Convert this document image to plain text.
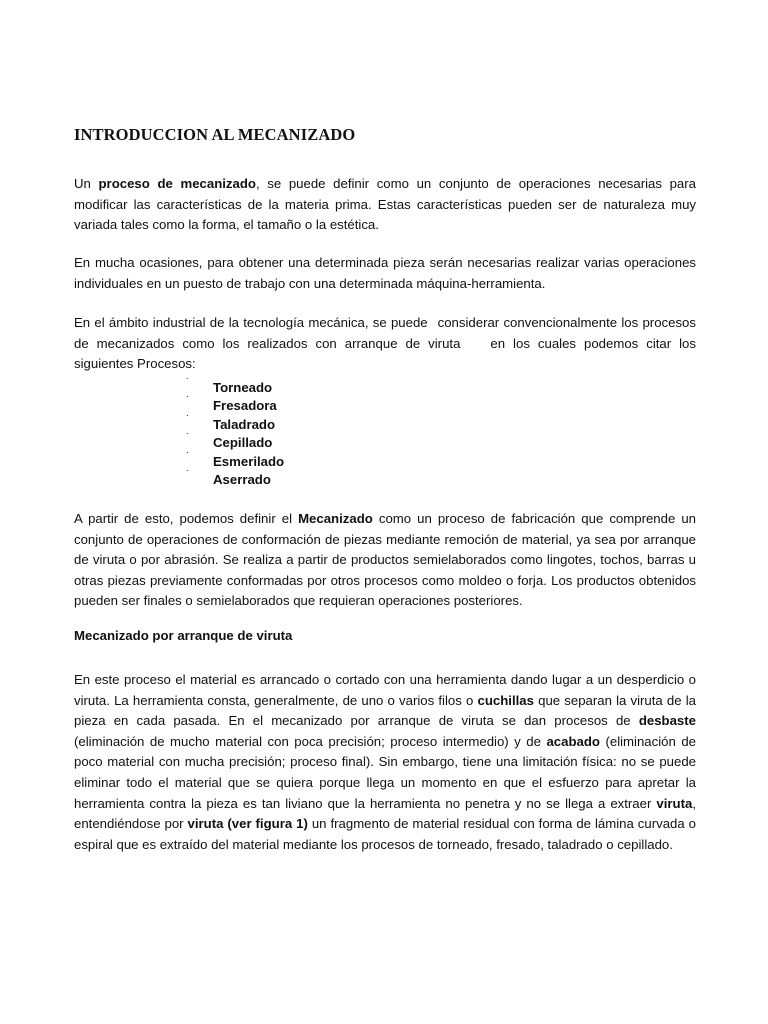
INTRODUCCION AL MECANIZADO

Un proceso de mecanizado, se puede definir como un conjunto de operaciones necesarias para modificar las características de la materia prima. Estas características pueden ser de naturaleza muy variada tales como la forma, el tamaño o la estética.

En mucha ocasiones, para obtener una determinada pieza serán necesarias realizar varias operaciones individuales en un puesto de trabajo con una determinada máquina-herramienta.

En el ámbito industrial de la tecnología mecánica, se puede considerar convencionalmente los procesos de mecanizados como los realizados con arranque de viruta en los cuales podemos citar los siguientes Procesos:

˙ Torneado
˙ Fresadora
˙ Taladrado
˙ Cepillado
˙ Esmerilado
˙ Aserrado

A partir de esto, podemos definir el Mecanizado como un proceso de fabricación que comprende un conjunto de operaciones de conformación de piezas mediante remoción de material, ya sea por arranque de viruta o por abrasión. Se realiza a partir de productos semielaborados como lingotes, tochos, barras u otras piezas previamente conformadas por otros procesos como moldeo o forja. Los productos obtenidos pueden ser finales o semielaborados que requieran operaciones posteriores.

Mecanizado por arranque de viruta

En este proceso el material es arrancado o cortado con una herramienta dando lugar a un desperdicio o viruta. La herramienta consta, generalmente, de uno o varios filos o cuchillas que separan la viruta de la pieza en cada pasada. En el mecanizado por arranque de viruta se dan procesos de desbaste (eliminación de mucho material con poca precisión; proceso intermedio) y de acabado (eliminación de poco material con mucha precisión; proceso final). Sin embargo, tiene una limitación física: no se puede eliminar todo el material que se quiera porque llega un momento en que el esfuerzo para apretar la herramienta contra la pieza es tan liviano que la herramienta no penetra y no se llega a extraer viruta, entendiéndose por viruta (ver figura 1) un fragmento de material residual con forma de lámina curvada o espiral que es extraído del material mediante los procesos de torneado, fresado, taladrado o cepillado.
